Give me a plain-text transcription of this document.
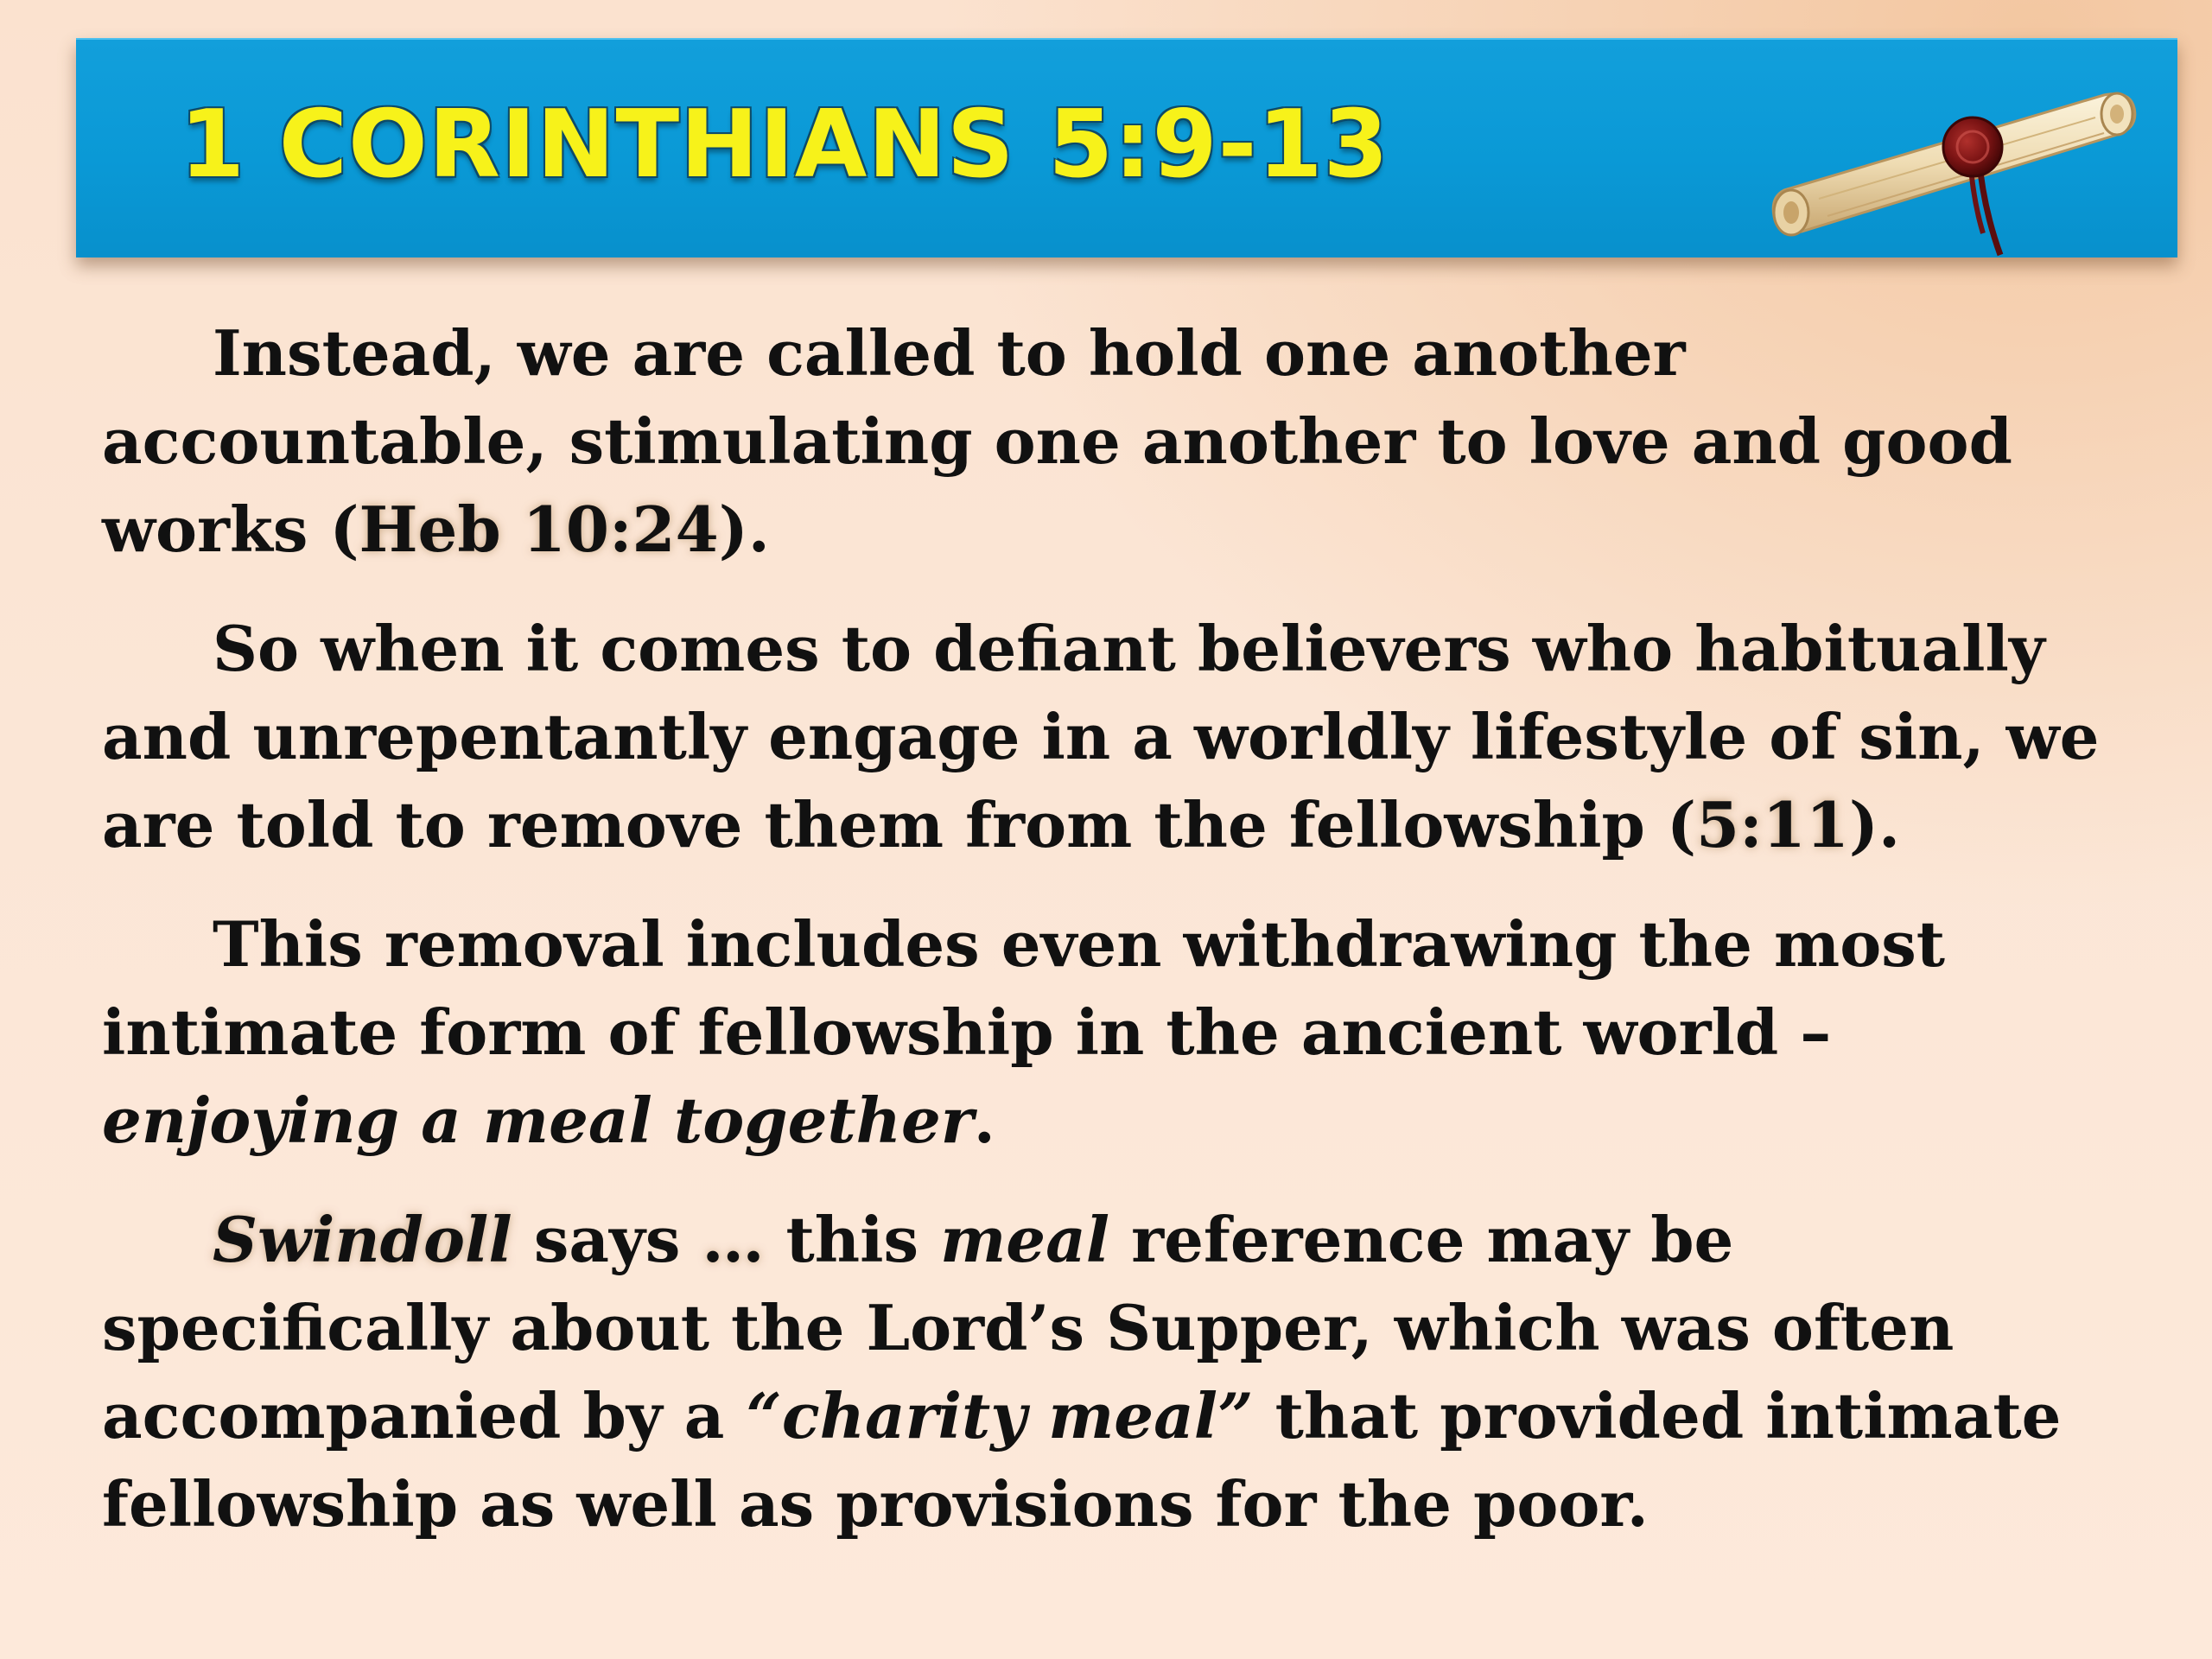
1 CORINTHIANS 5:9-13

Instead, we are called to hold one another accountable, stimulating one another to love and good works (Heb 10:24).

So when it comes to defiant believers who habitually and unrepentantly engage in a worldly lifestyle of sin, we are told to remove them from the fellowship (5:11).

This removal includes even withdrawing the most intimate form of fellowship in the ancient world – enjoying a meal together.

Swindoll says … this meal reference may be specifically about the Lord’s Supper, which was often accompanied by a “charity meal” that provided intimate fellowship as well as provisions for the poor.
